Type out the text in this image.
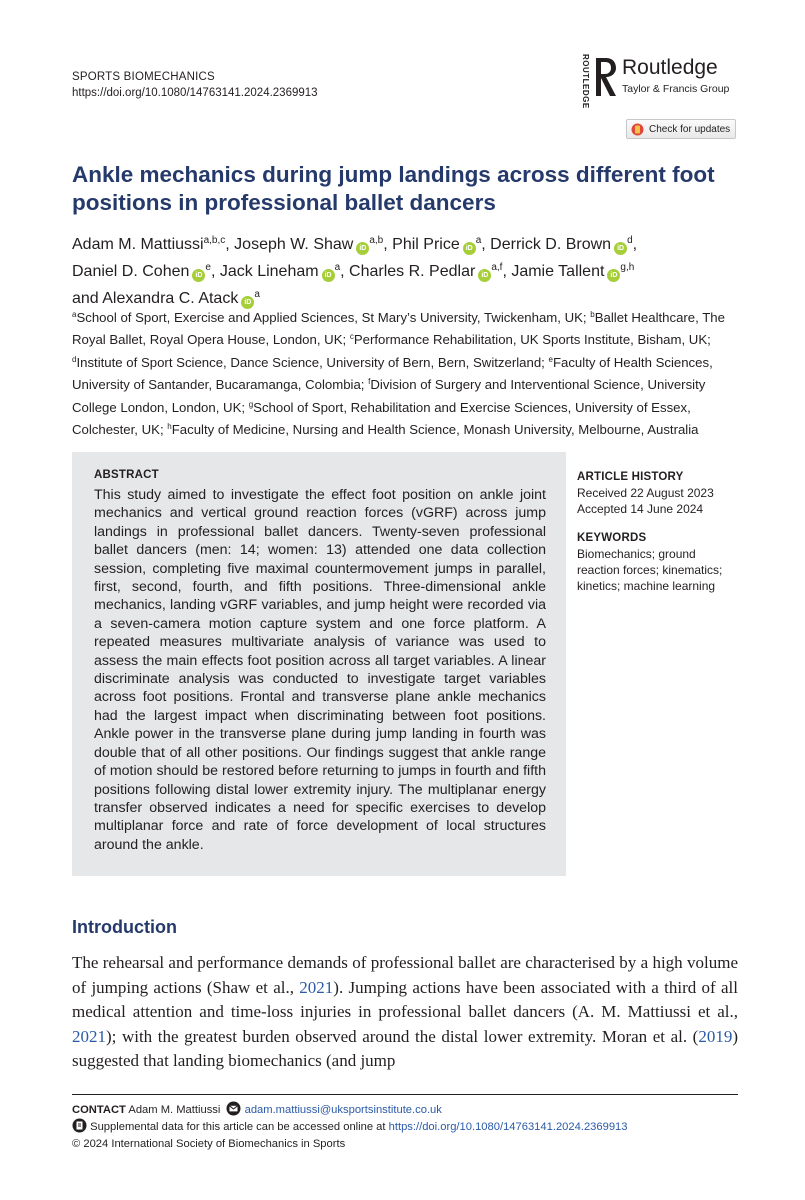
SPORTS BIOMECHANICS
https://doi.org/10.1080/14763141.2024.2369913	ROUTLEDGE Routledge
Taylor & Francis Group
Check for updates
Ankle mechanics during jump landings across different foot positions in professional ballet dancers
Adam M. Mattiussi$^{a,b,c}$, Joseph W. Shaw iD$^{a,b}$, Phil Price $iD^a$, Derrick D. Brown $iD^d$,
Daniel D. Cohen $iD^e$, Jack Lineham $iD^a$, Charles R. Pedlar iD$^{a,f}$, Jamie Tallent iD$^{g,h}$
and Alexandra C. Atack $iD^a$
$^a$School of Sport, Exercise and Applied Sciences, St Mary’s University, Twickenham, UK; $^b$Ballet Healthcare, The Royal Ballet, Royal Opera House, London, UK; $^c$Performance Rehabilitation, UK Sports Institute, Bisham, UK; $^d$Institute of Sport Science, Dance Science, University of Bern, Bern, Switzerland; $^e$Faculty of Health Sciences, University of Santander, Bucaramanga, Colombia; $^f$Division of Surgery and Interventional Science, University College London, London, UK; $^g$School of Sport, Rehabilitation and Exercise Sciences, University of Essex, Colchester, UK; $^h$Faculty of Medicine, Nursing and Health Science, Monash University, Melbourne, Australia
ABSTRACT
This study aimed to investigate the effect foot position on ankle joint mechanics and vertical ground reaction forces (vGRF) across jump landings in professional ballet dancers. Twenty-seven professional ballet dancers (men: 14; women: 13) attended one data collection session, completing five maximal countermovement jumps in parallel, first, second, fourth, and fifth positions. Three-dimensional ankle mechanics, landing vGRF variables, and jump height were recorded via a seven-camera motion capture system and one force platform. A repeated measures multivariate analysis of variance was used to assess the main effects foot position across all target variables. A linear discriminate analysis was conducted to investigate target variables across foot positions. Frontal and transverse plane ankle mechanics had the largest impact when discriminating between foot positions. Ankle power in the transverse plane during jump landing in fourth was double that of all other positions. Our findings suggest that ankle range of motion should be restored before returning to jumps in fourth and fifth positions following distal lower extremity injury. The multiplanar energy transfer observed indicates a need for specific exercises to develop multiplanar force and rate of force development of local structures around the ankle.
ARTICLE HISTORY
Received 22 August 2023
Accepted 14 June 2024
KEYWORDS
Biomechanics; ground reaction forces; kinematics; kinetics; machine learning
Introduction
The rehearsal and performance demands of professional ballet are characterised by a high volume of jumping actions (Shaw et al., 2021). Jumping actions have been associated with a third of all medical attention and time-loss injuries in professional ballet dancers (A. M. Mattiussi et al., 2021); with the greatest burden observed around the distal lower extremity. Moran et al. (2019) suggested that landing biomechanics (and jump
CONTACT Adam M. Mattiussi adam.mattiussi@uksportsinstitute.co.uk
Supplemental data for this article can be accessed online at https://doi.org/10.1080/14763141.2024.2369913
© 2024 International Society of Biomechanics in Sports
